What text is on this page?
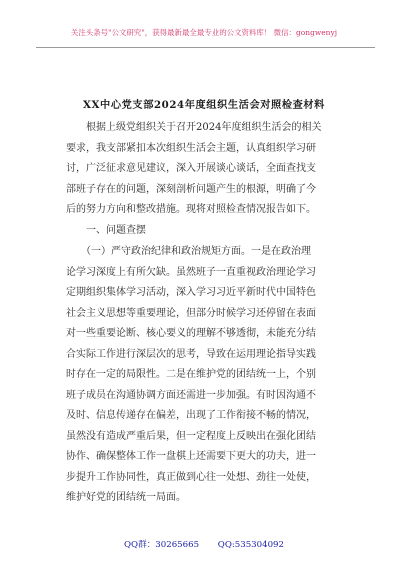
关注头条号"公文研究"，获得最新最全最专业的公文资料库！ 微信：gongwenyj
XX中心党支部2024年度组织生活会对照检查材料
　　根据上级党组织关于召开2024年度组织生活会的相关
要求，我支部紧扣本次组织生活会主题，认真组织学习研
讨，广泛征求意见建议，深入开展谈心谈话，全面查找支
部班子存在的问题，深刻剖析问题产生的根源，明确了今
后的努力方向和整改措施。现将对照检查情况报告如下。
　　一、问题查摆
　　（一）严守政治纪律和政治规矩方面。一是在政治理
论学习深度上有所欠缺。虽然班子一直重视政治理论学习
定期组织集体学习活动，深入学习习近平新时代中国特色
社会主义思想等重要理论，但部分时候学习还停留在表面
对一些重要论断、核心要义的理解不够透彻，未能充分结
合实际工作进行深层次的思考，导致在运用理论指导实践
时存在一定的局限性。二是在维护党的团结统一上，个别
班子成员在沟通协调方面还需进一步加强。有时因沟通不
及时、信息传递存在偏差，出现了工作衔接不畅的情况，
虽然没有造成严重后果，但一定程度上反映出在强化团结
协作、确保整体工作一盘棋上还需要下更大的功夫，进一
步提升工作协同性，真正做到心往一处想、劲往一处使，
维护好党的团结统一局面。
QQ群：30265665 QQ:535304092
